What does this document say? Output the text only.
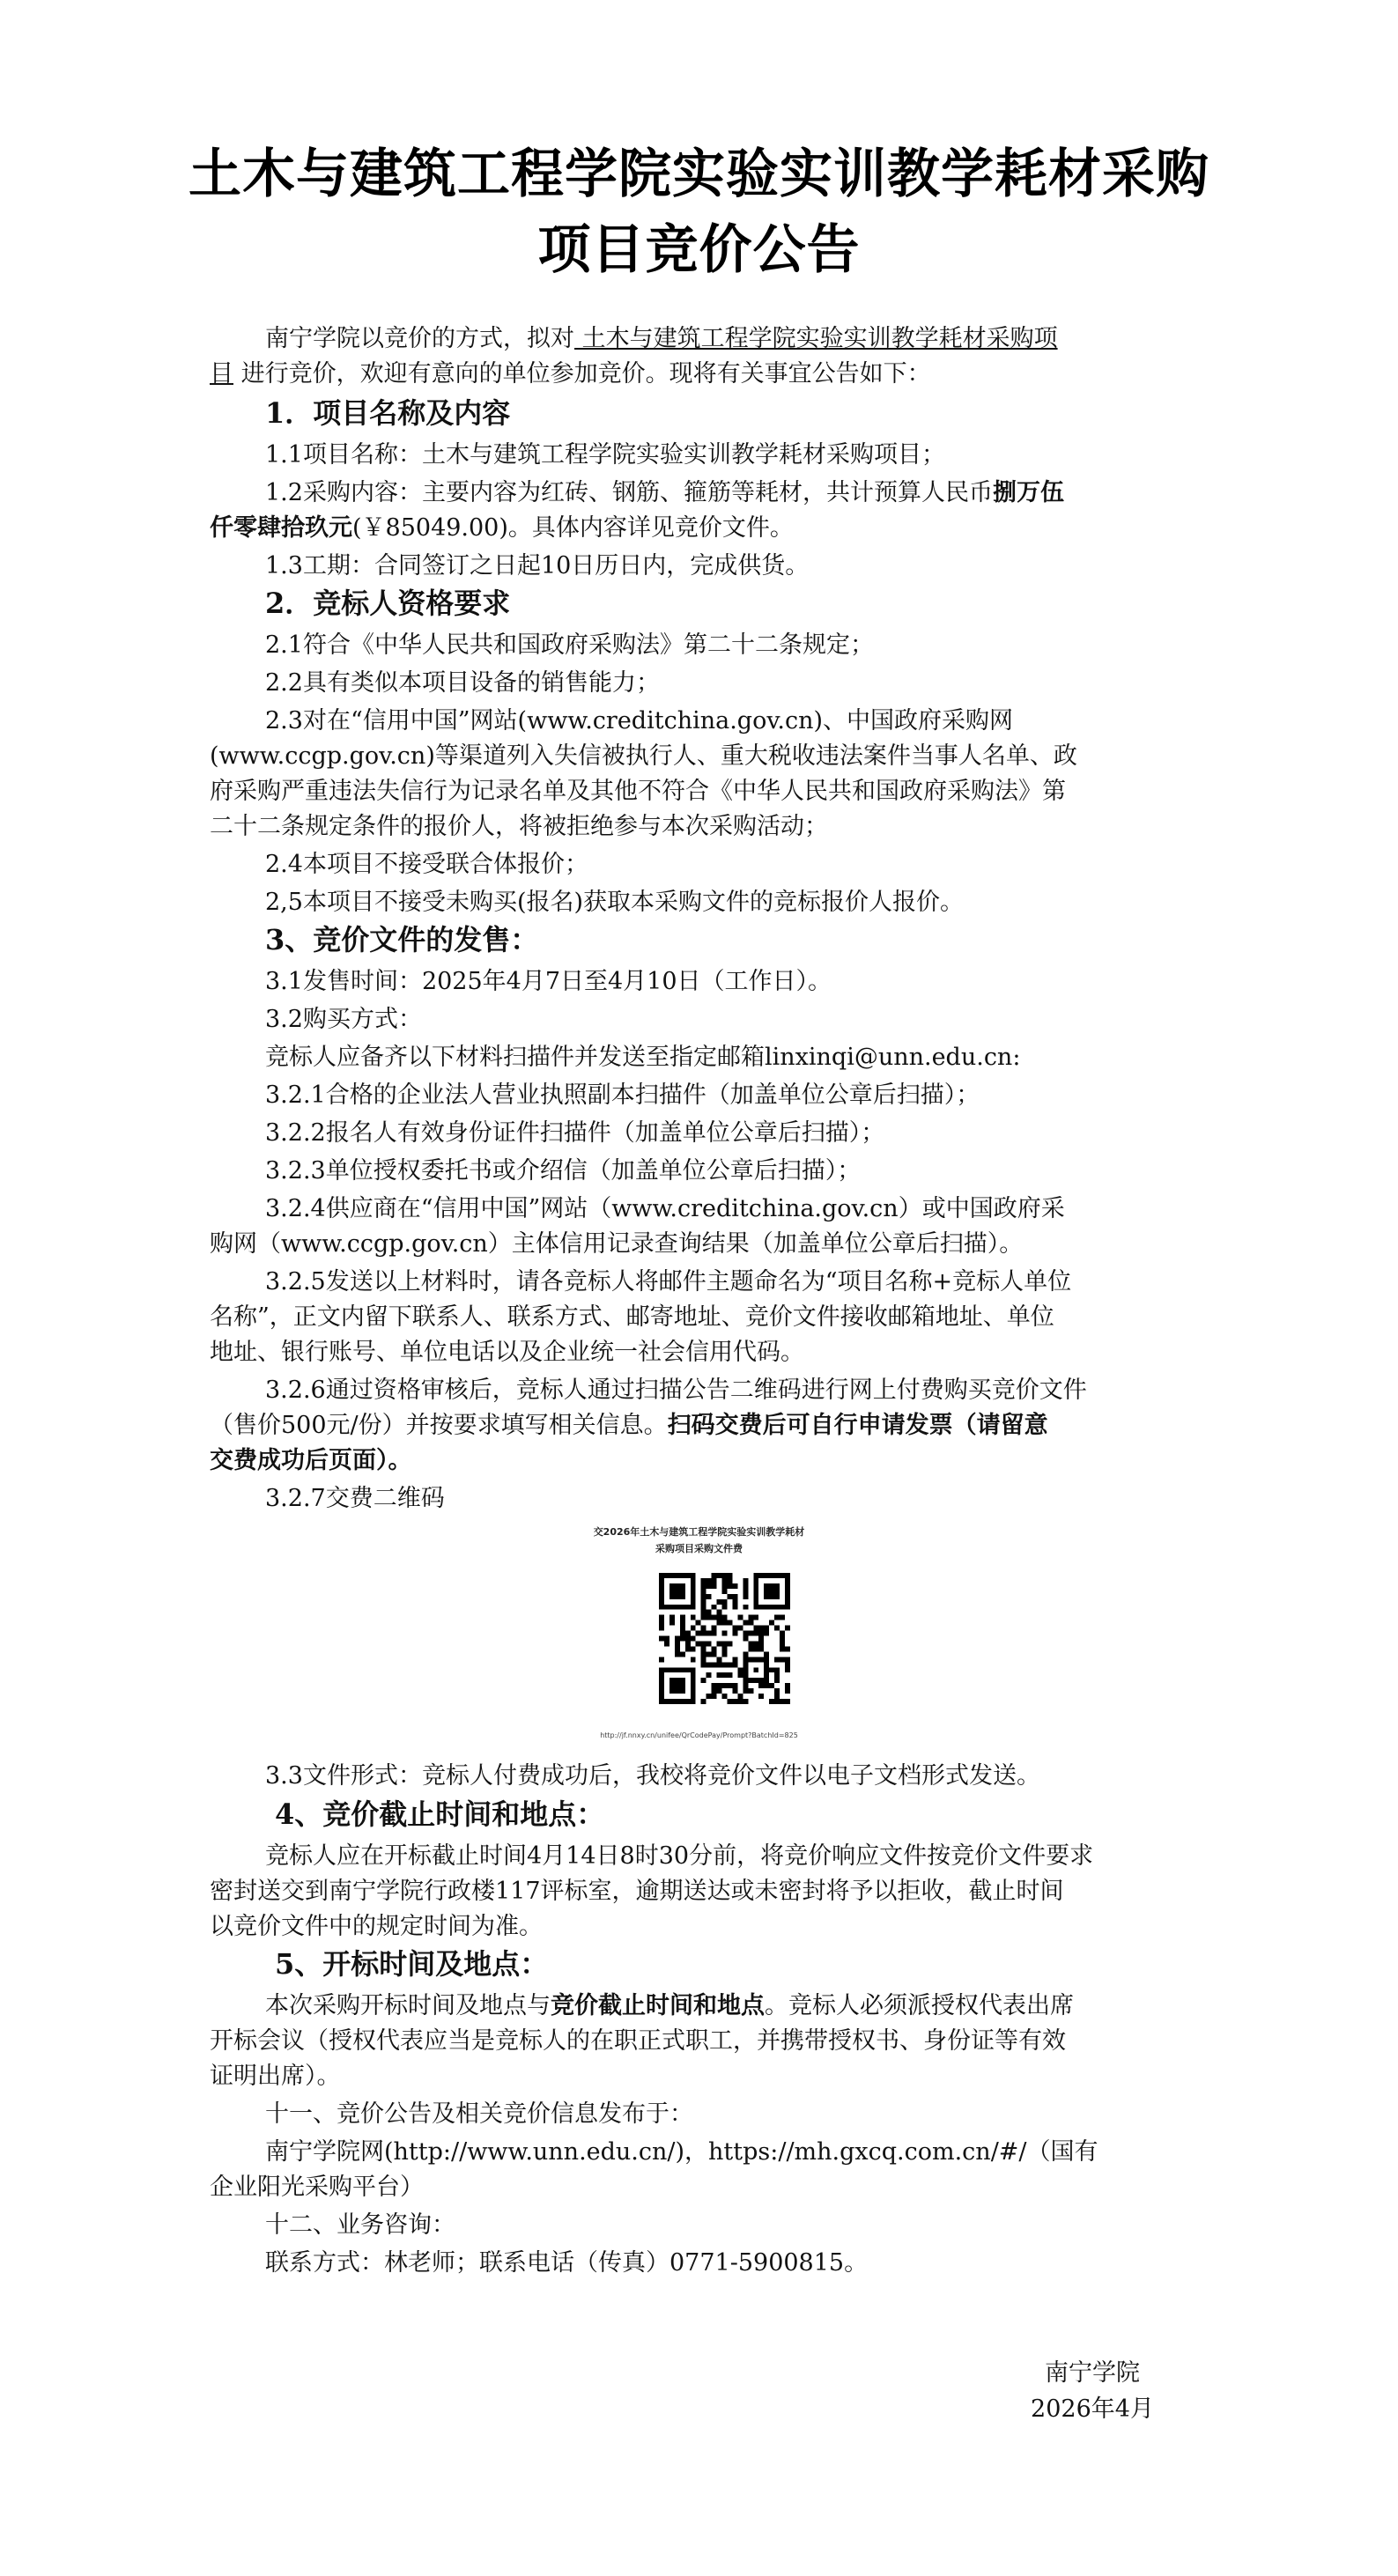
土木与建筑工程学院实验实训教学耗材采购
项目竞价公告
南宁学院以竞价的方式，拟对 土木与建筑工程学院实验实训教学耗材采购项
目 进行竞价，欢迎有意向的单位参加竞价。现将有关事宜公告如下：
1．项目名称及内容
1.1项目名称：土木与建筑工程学院实验实训教学耗材采购项目；
1.2采购内容：主要内容为红砖、钢筋、箍筋等耗材，共计预算人民币捌万伍
仟零肆拾玖元(￥85049.00)。具体内容详见竞价文件。
1.3工期：合同签订之日起10日历日内，完成供货。
2．竞标人资格要求
2.1符合《中华人民共和国政府采购法》第二十二条规定；
2.2具有类似本项目设备的销售能力；
2.3对在“信用中国”网站(www.creditchina.gov.cn)、中国政府采购网
(www.ccgp.gov.cn)等渠道列入失信被执行人、重大税收违法案件当事人名单、政
府采购严重违法失信行为记录名单及其他不符合《中华人民共和国政府采购法》第
二十二条规定条件的报价人，将被拒绝参与本次采购活动；
2.4本项目不接受联合体报价；
2,5本项目不接受未购买(报名)获取本采购文件的竞标报价人报价。
3、竞价文件的发售：
3.1发售时间：2025年4月7日至4月10日（工作日）。
3.2购买方式：
竞标人应备齐以下材料扫描件并发送至指定邮箱linxinqi@unn.edu.cn:
3.2.1合格的企业法人营业执照副本扫描件（加盖单位公章后扫描）；
3.2.2报名人有效身份证件扫描件（加盖单位公章后扫描）；
3.2.3单位授权委托书或介绍信（加盖单位公章后扫描）；
3.2.4供应商在“信用中国”网站（www.creditchina.gov.cn）或中国政府采
购网（www.ccgp.gov.cn）主体信用记录查询结果（加盖单位公章后扫描）。
3.2.5发送以上材料时，请各竞标人将邮件主题命名为“项目名称+竞标人单位
名称”，正文内留下联系人、联系方式、邮寄地址、竞价文件接收邮箱地址、单位
地址、银行账号、单位电话以及企业统一社会信用代码。
3.2.6通过资格审核后，竞标人通过扫描公告二维码进行网上付费购买竞价文件
（售价500元/份）并按要求填写相关信息。扫码交费后可自行申请发票（请留意
交费成功后页面）。
3.2.7交费二维码
交2026年土木与建筑工程学院实验实训教学耗材
采购项目采购文件费
http://jf.nnxy.cn/unifee/QrCodePay/Prompt?BatchId=825
3.3文件形式：竞标人付费成功后，我校将竞价文件以电子文档形式发送。
4、竞价截止时间和地点：
竞标人应在开标截止时间4月14日8时30分前，将竞价响应文件按竞价文件要求
密封送交到南宁学院行政楼117评标室，逾期送达或未密封将予以拒收，截止时间
以竞价文件中的规定时间为准。
5、开标时间及地点：
本次采购开标时间及地点与竞价截止时间和地点。竞标人必须派授权代表出席
开标会议（授权代表应当是竞标人的在职正式职工，并携带授权书、身份证等有效
证明出席）。
十一、竞价公告及相关竞价信息发布于：
南宁学院网(http://www.unn.edu.cn/)，https://mh.gxcq.com.cn/#/（国有
企业阳光采购平台）
十二、业务咨询：
联系方式：林老师；联系电话（传真）0771-5900815。
南宁学院
2026年4月
